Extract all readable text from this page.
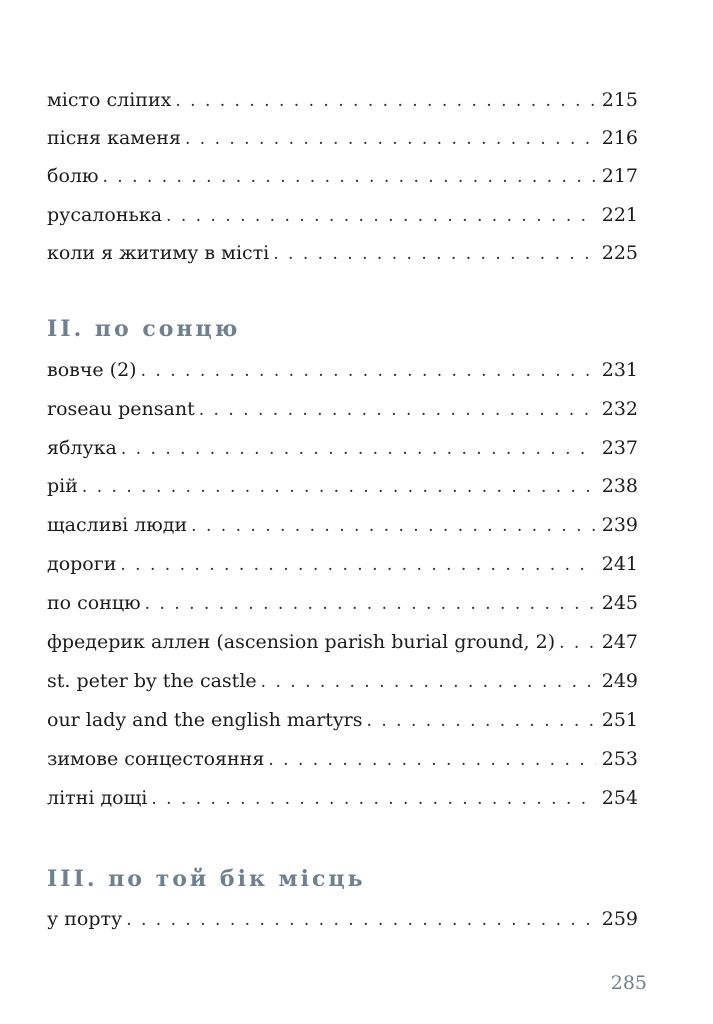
місто сліпих . . .	215
пісня каменя . . .	216
болю . . .	217
русалонька . . .	221
коли я житиму в місті . . .	225
II. по сонцю
вовче (2) . . .	231
roseau pensant . . .	232
яблука . . .	237
рій . . .	238
щасливі люди . . .	239
дороги . . .	241
по сонцю . . .	245
фредерик аллен (ascension parish burial ground, 2) . . .	247
st. peter by the castle . . .	249
our lady and the english martyrs . . .	251
зимове сонцестояння . . .	253
літні дощі . . .	254
III. по той бік місць
у порту . . .	259
285
